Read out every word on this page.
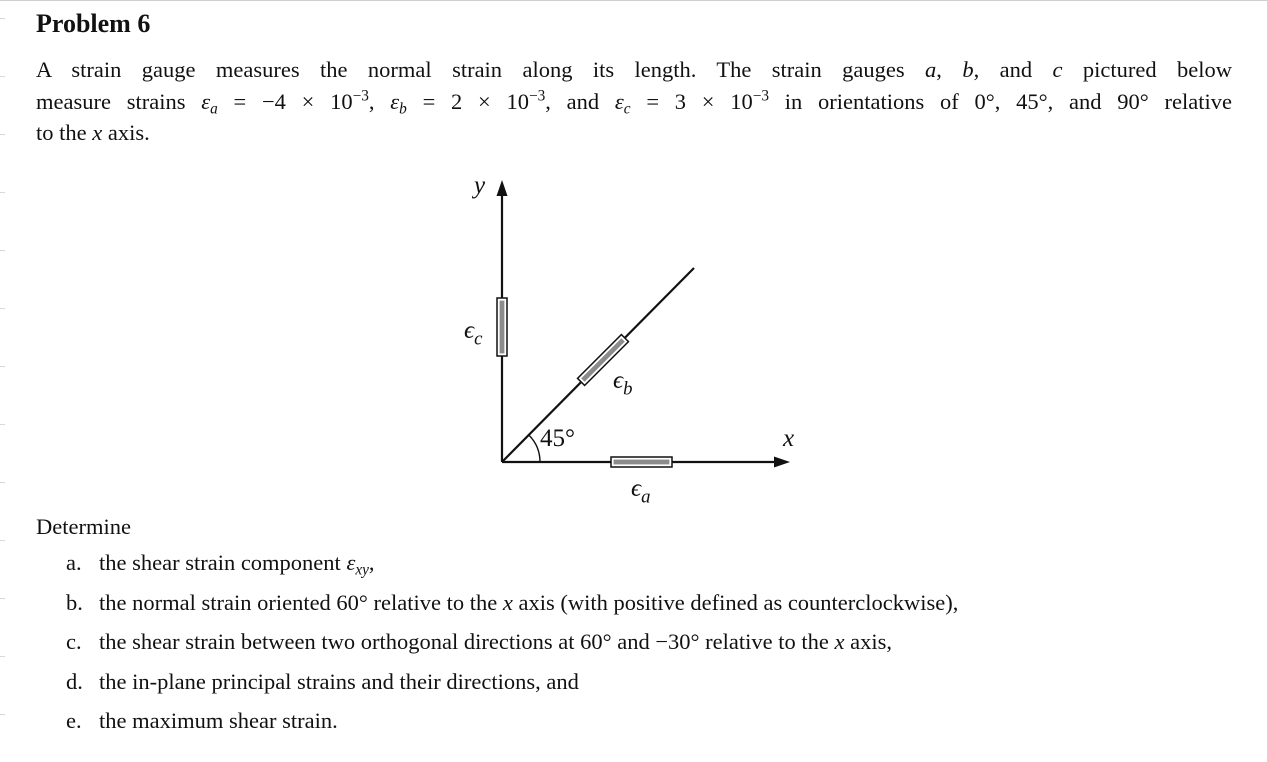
Problem 6
A strain gauge measures the normal strain along its length. The strain gauges a, b, and c pictured below
measure strains $\varepsilon_a = -4 \times 10^{-3}$, $\varepsilon_b = 2 \times 10^{-3}$, and $\varepsilon_c = 3 \times 10^{-3}$ in orientations of 0°, 45°, and 90° relative
to the x axis.
y
x
45°
$\epsilon_c$
$\epsilon_b$
$\epsilon_a$
Determine
a. the shear strain component $\varepsilon_{xy}$,
b. the normal strain oriented 60° relative to the x axis (with positive defined as counterclockwise),
c. the shear strain between two orthogonal directions at 60° and −30° relative to the x axis,
d. the in-plane principal strains and their directions, and
e. the maximum shear strain.
